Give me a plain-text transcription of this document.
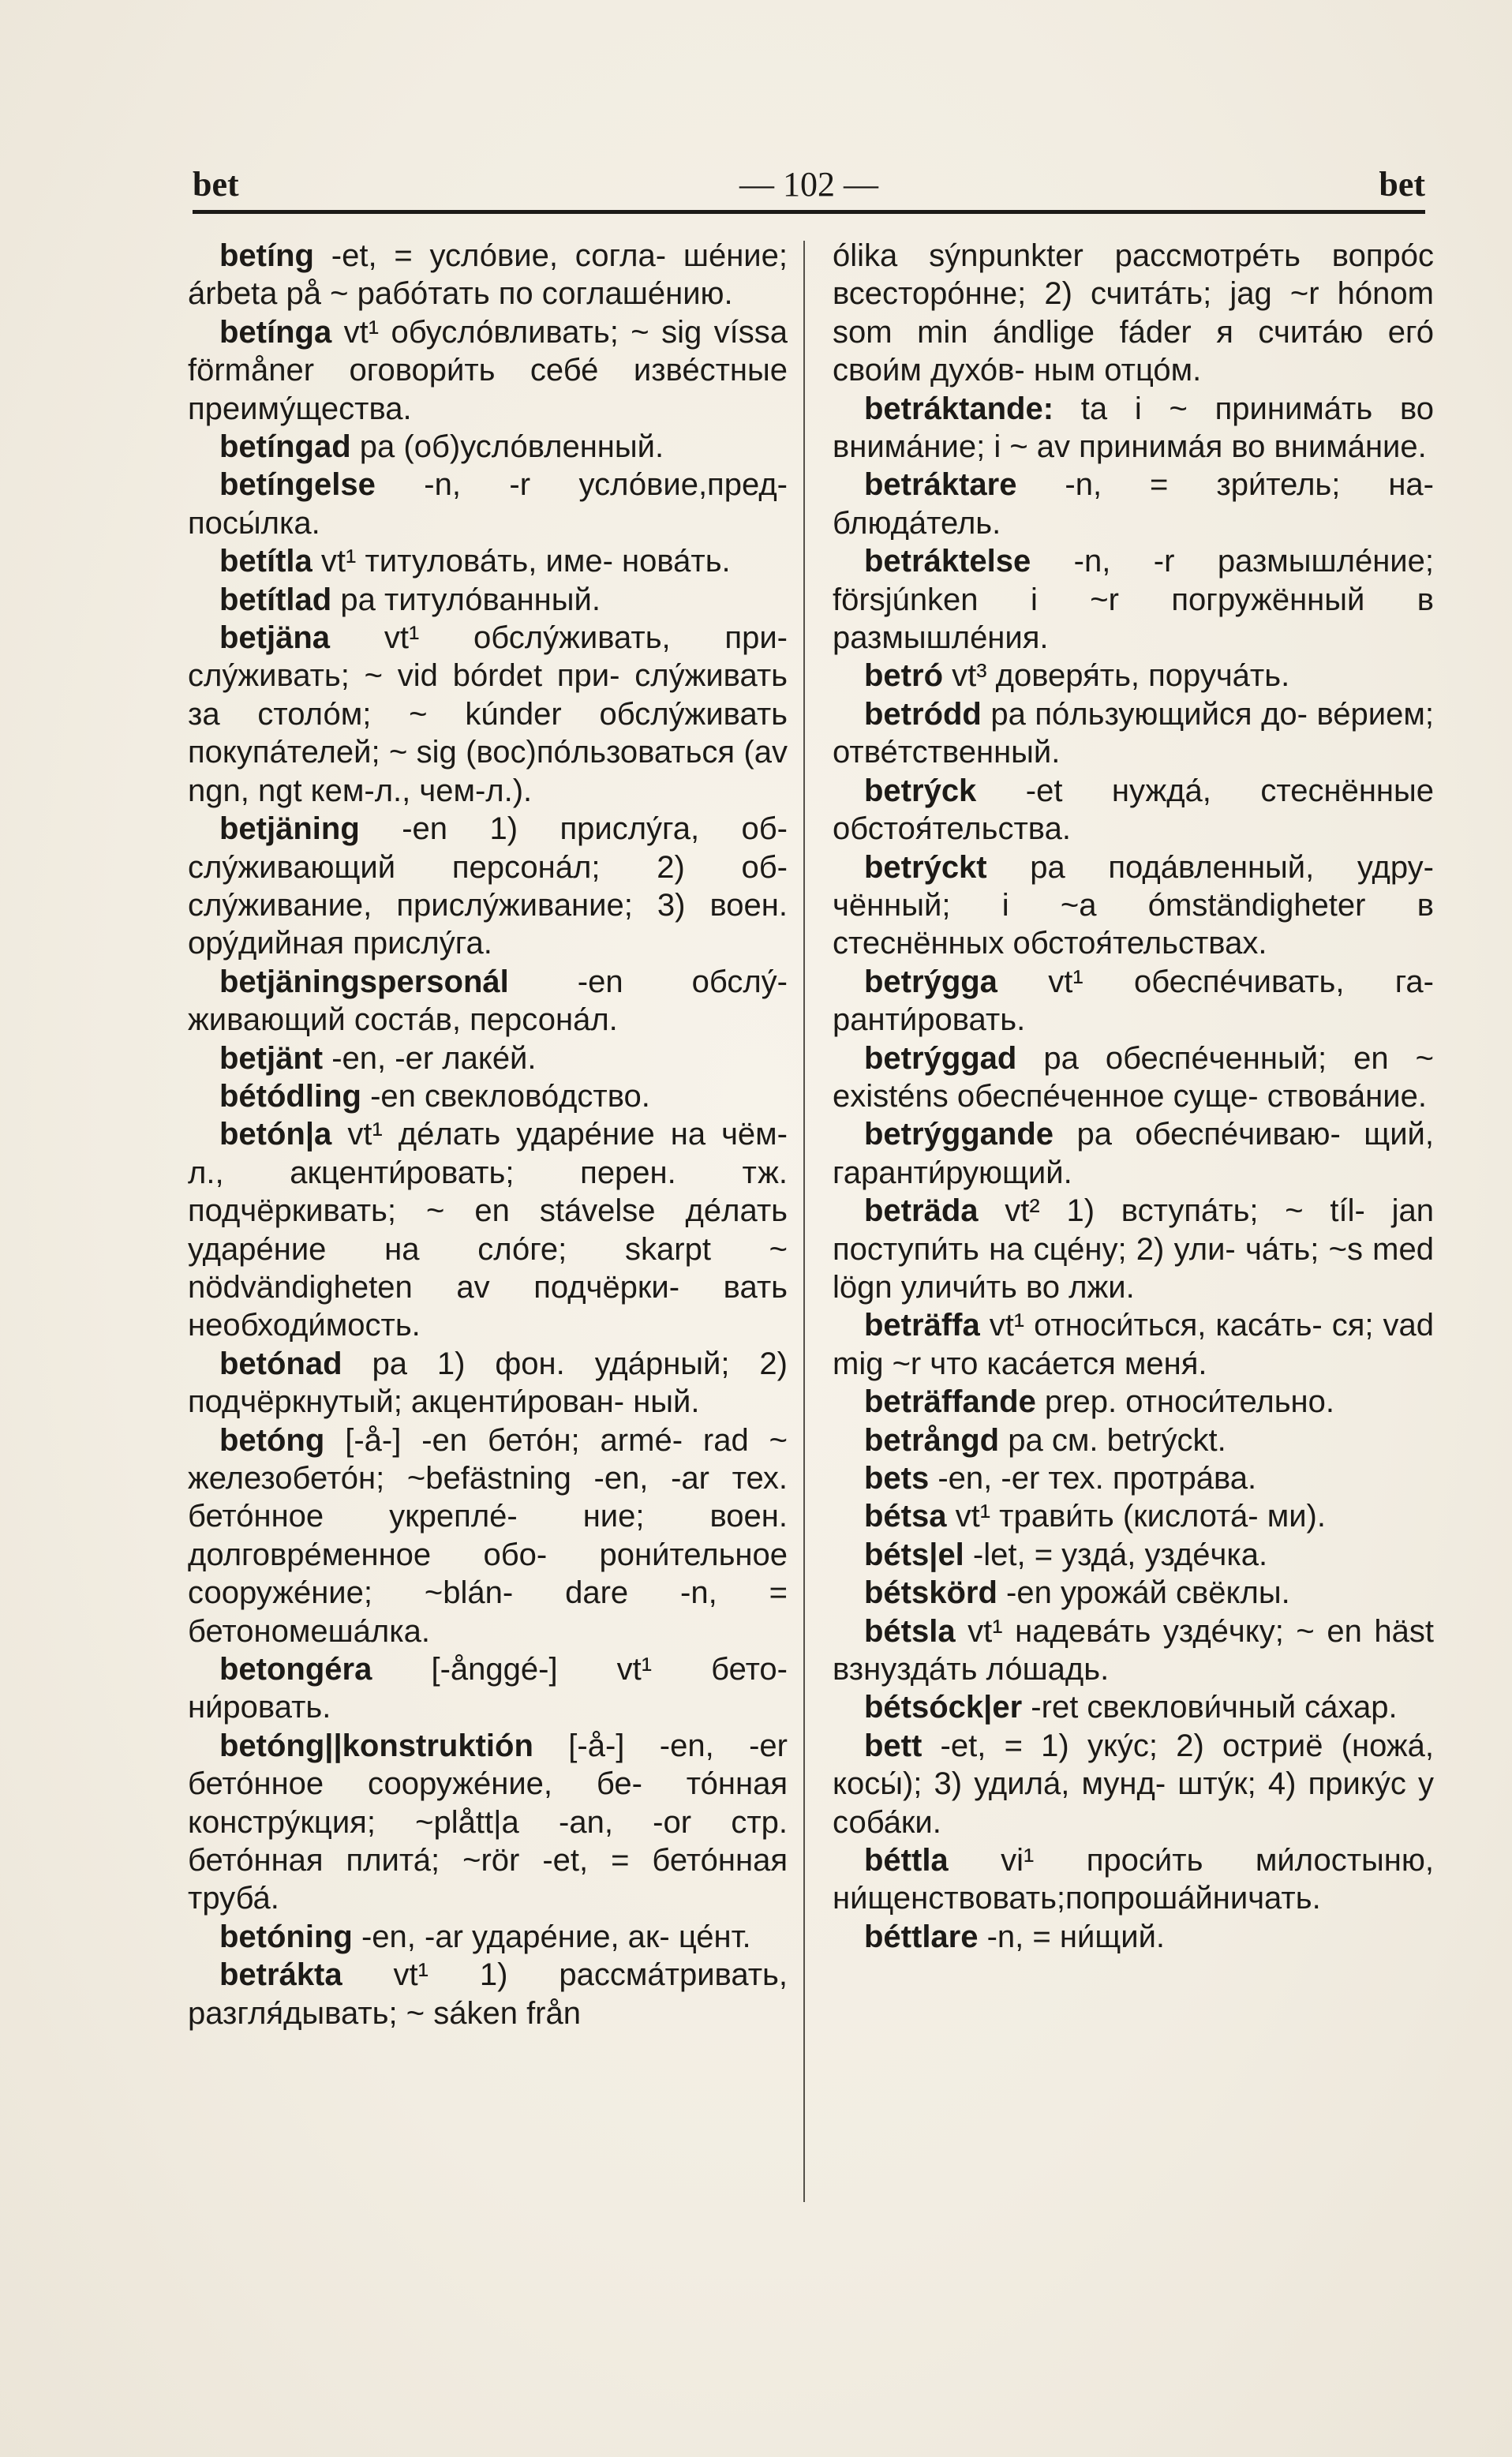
bet	— 102 —	bet

betíng -et, = усло́вие, согла- ше́ние; árbeta på ~ рабо́тать по соглаше́нию.

betínga vt¹ обусло́вливать; ~ sig víssa förmåner оговори́ть себе́ изве́стные преиму́щества.

betíngad pa (об)усло́вленный.

betíngelse -n, -r усло́вие,пред- посы́лка.

betítla vt¹ титулова́ть, име- нова́ть.

betítlad pa титуло́ванный.

betjäna vt¹ обслу́живать, при- слу́живать; ~ vid bórdet при- слу́живать за столо́м; ~ kúnder обслу́живать покупа́телей; ~ sig (вос)по́льзоваться (av ngn, ngt кем-л., чем-л.).

betjäning -en 1) прислу́га, об- слу́живающий персона́л; 2) об- слу́живание, прислу́живание; 3) воен. ору́дийная прислу́га.

betjäningspersonál -en обслу́- живающий соста́в, персона́л.

betjänt -en, -er лаке́й.

bétódling -en свеклово́дство.

betón|a vt¹ де́лать ударе́ние на чём-л., акценти́ровать; перен. тж. подчёркивать; ~ en stávelse де́лать ударе́ние на сло́ге; skarpt ~ nödvändigheten av подчёрки- вать необходи́мость.

betónad pa 1) фон. уда́рный; 2) подчёркнутый; акценти́рован- ный.

betóng [-å-] -en бето́н; armé- rad ~ железобето́н; ~befästning -en, -ar тех. бето́нное укрепле́- ние; воен. долговре́менное обо- рони́тельное сооруже́ние; ~blán- dare -n, = бетономеша́лка.

betongéra [-ånggé-] vt¹ бето- ни́ровать.

betóng||konstruktión [-å-] -en, -er бето́нное сооруже́ние, бе- то́нная констру́кция; ~plått|a -an, -or стр. бето́нная плита́; ~rör -et, = бето́нная труба́.

betóning -en, -ar ударе́ние, ак- це́нт.

betrákta vt¹ 1) рассма́тривать, разгля́дывать; ~ sáken från

ólika sýnpunkter рассмотре́ть вопро́с всесторо́нне; 2) счита́ть; jag ~r hónom som min ándlige fáder я счита́ю его́ свои́м духо́в- ным отцо́м.

betráktande: ta i ~ принима́ть во внима́ние; i ~ av принима́я во внима́ние.

betráktare -n, = зри́тель; на- блюда́тель.

betráktelse -n, -r размышле́ние; försjúnken i ~r погружённый в размышле́ния.

betró vt³ доверя́ть, поруча́ть.

betródd pa по́льзующийся до- ве́рием; отве́тственный.

betrýck -et нужда́, стеснённые обстоя́тельства.

betrýckt pa пода́вленный, удру- чённый; i ~a ómständigheter в стеснённых обстоя́тельствах.

betrýgga vt¹ обеспе́чивать, га- ранти́ровать.

betrýggad pa обеспе́ченный; en ~ existéns обеспе́ченное суще- ствова́ние.

betrýggande pa обеспе́чиваю- щий, гаранти́рующий.

beträda vt² 1) вступа́ть; ~ tíl- jan поступи́ть на сце́ну; 2) ули- ча́ть; ~s med lögn уличи́ть во лжи.

beträffa vt¹ относи́ться, каса́ть- ся; vad mig ~r что каса́ется меня́.

beträffande prep. относи́тельно.

betrångd pa см. betrýckt.

bets -en, -er тех. протра́ва.

bétsa vt¹ трави́ть (кислота́- ми).

béts|el -let, = узда́, узде́чка.

bétskörd -en урожа́й свёклы.

bétsla vt¹ надева́ть узде́чку; ~ en häst взнузда́ть ло́шадь.

bétsóck|er -ret свеклови́чный са́хар.

bett -et, = 1) уку́с; 2) остриё (ножа́, косы́); 3) удила́, мунд- шту́к; 4) прику́с у соба́ки.

béttla vi¹ проси́ть ми́лостыню, ни́щенствовать;попроша́йничать.

béttlare -n, = ни́щий.
